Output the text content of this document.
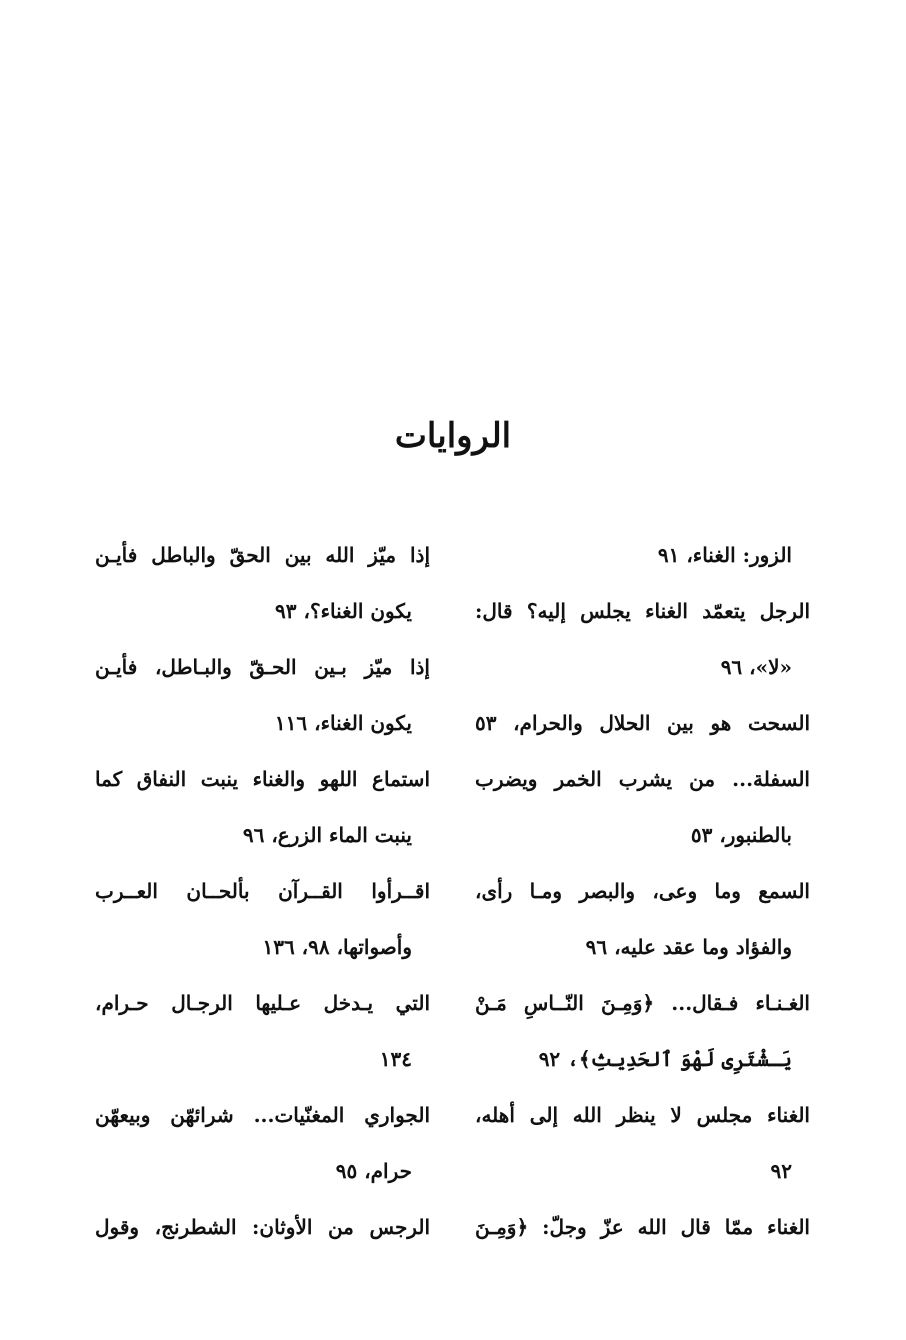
الروايات
إذا ميّز الله بين الحقّ والباطل فأيـن
يكون الغناء؟، ٩٣
إذا ميّز بـين الحـقّ والبـاطل، فأيـن
يكون الغناء، ١١٦
استماع اللهو والغناء ينبت النفاق كما
ينبت الماء الزرع، ٩٦
اقــرأوا القــرآن بألحــان العــرب
وأصواتها، ٩٨، ١٣٦
التي يـدخل عـليها الرجـال حـرام،
١٣٤
الجواري المغنّيات... شرائهّن وبيعهّن
حرام، ٩٥
الرجس من الأوثان: الشطرنج، وقول
الزور: الغناء، ٩١
الرجل يتعمّد الغناء يجلس إليه؟ قال:
«لا»، ٩٦
السحت هو بين الحلال والحرام، ٥٣
السفلة... من يشرب الخمر ويضرب
بالطنبور، ٥٣
السمع وما وعى، والبصر ومـا رأى،
والفؤاد وما عقد عليه، ٩٦
الغـنـاء فـقال... ﴿وَمِـنَ النّــاسِ مَـنْ
يَـشْتَرِى لَهْوَ ٱلحَدِيثِ﴾، ٩٢
الغناء مجلس لا ينظر الله إلى أهله،
٩٢
الغناء ممّا قال الله عزّ وجلّ: ﴿وَمِـنَ
